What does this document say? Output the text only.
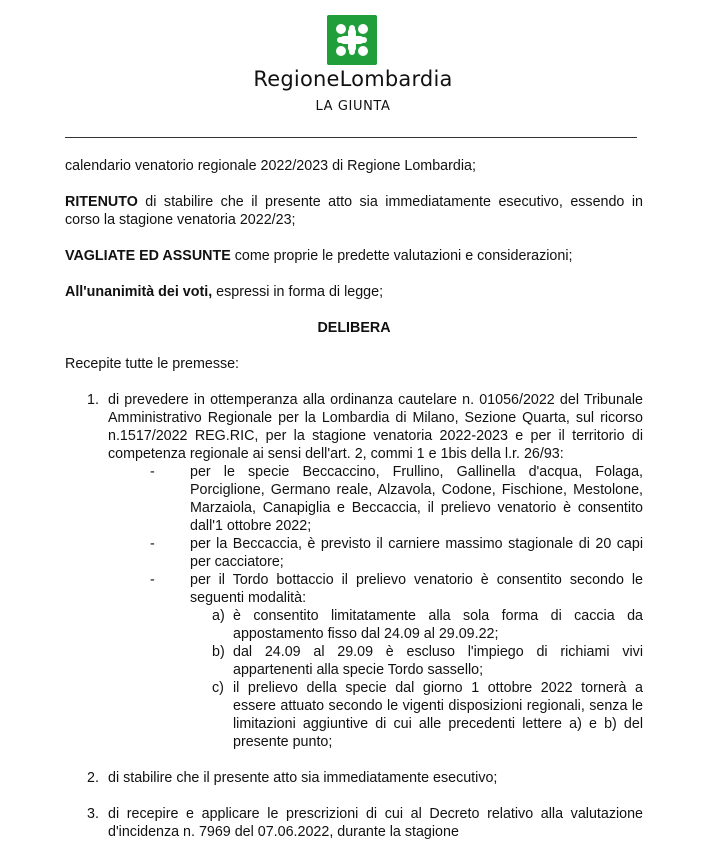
RegioneLombardia
LA GIUNTA

calendario venatorio regionale 2022/2023 di Regione Lombardia;

RITENUTO di stabilire che il presente atto sia immediatamente esecutivo, essendo in corso la stagione venatoria 2022/23;

VAGLIATE ED ASSUNTE come proprie le predette valutazioni e considerazioni;

All'unanimità dei voti, espressi in forma di legge;

DELIBERA

Recepite tutte le premesse:

1. di prevedere in ottemperanza alla ordinanza cautelare n. 01056/2022 del Tribunale Amministrativo Regionale per la Lombardia di Milano, Sezione Quarta, sul ricorso n.1517/2022 REG.RIC, per la stagione venatoria 2022-2023 e per il territorio di competenza regionale ai sensi dell'art. 2, commi 1 e 1bis della l.r. 26/93:
- per le specie Beccaccino, Frullino, Gallinella d'acqua, Folaga, Porciglione, Germano reale, Alzavola, Codone, Fischione, Mestolone, Marzaiola, Canapiglia e Beccaccia, il prelievo venatorio è consentito dall'1 ottobre 2022;
- per la Beccaccia, è previsto il carniere massimo stagionale di 20 capi per cacciatore;
- per il Tordo bottaccio il prelievo venatorio è consentito secondo le seguenti modalità:
a) è consentito limitatamente alla sola forma di caccia da appostamento fisso dal 24.09 al 29.09.22;
b) dal 24.09 al 29.09 è escluso l'impiego di richiami vivi appartenenti alla specie Tordo sassello;
c) il prelievo della specie dal giorno 1 ottobre 2022 tornerà a essere attuato secondo le vigenti disposizioni regionali, senza le limitazioni aggiuntive di cui alle precedenti lettere a) e b) del presente punto;
2. di stabilire che il presente atto sia immediatamente esecutivo;
3. di recepire e applicare le prescrizioni di cui al Decreto relativo alla valutazione d'incidenza n. 7969 del 07.06.2022, durante la stagione
